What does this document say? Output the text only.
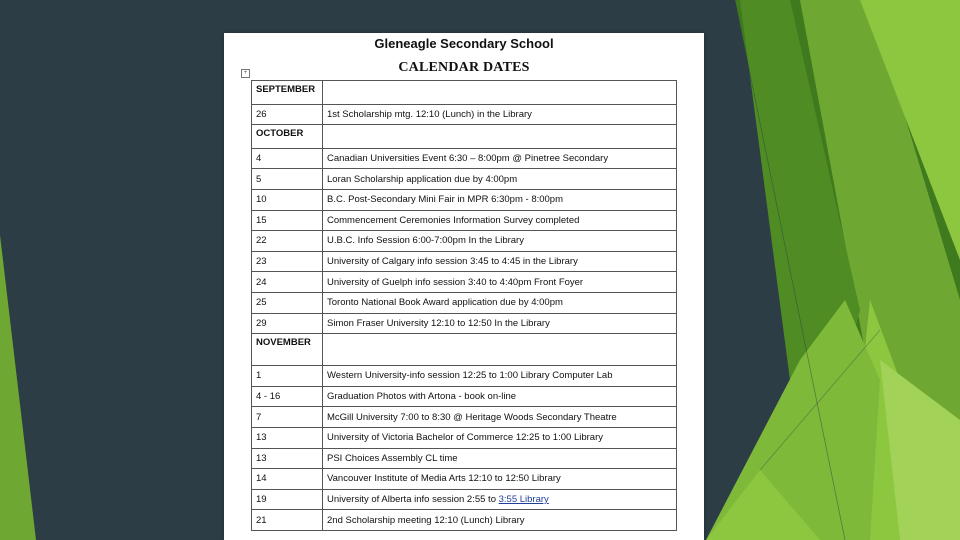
Gleneagle Secondary School
CALENDAR DATES
+
SEPTEMBER	
26	1st Scholarship mtg. 12:10 (Lunch) in the Library
OCTOBER	
4	Canadian Universities Event 6:30 – 8:00pm @ Pinetree Secondary
5	Loran Scholarship application due by 4:00pm
10	B.C. Post-Secondary Mini Fair in MPR 6:30pm - 8:00pm
15	Commencement Ceremonies Information Survey completed
22	U.B.C. Info Session 6:00-7:00pm In the Library
23	University of Calgary info session 3:45 to 4:45 in the Library
24	University of Guelph info session 3:40 to 4:40pm Front Foyer
25	Toronto National Book Award application due by 4:00pm
29	Simon Fraser University 12:10 to 12:50 In the Library
NOVEMBER	
1	Western University-info session 12:25 to 1:00 Library Computer Lab
4 - 16	Graduation Photos with Artona - book on-line
7	McGill University 7:00 to 8:30 @ Heritage Woods Secondary Theatre
13	University of Victoria Bachelor of Commerce 12:25 to 1:00 Library
13	PSI Choices Assembly CL time
14	Vancouver Institute of Media Arts 12:10 to 12:50 Library
19	University of Alberta info session 2:55 to 3:55 Library
21	2nd Scholarship meeting 12:10 (Lunch) Library
